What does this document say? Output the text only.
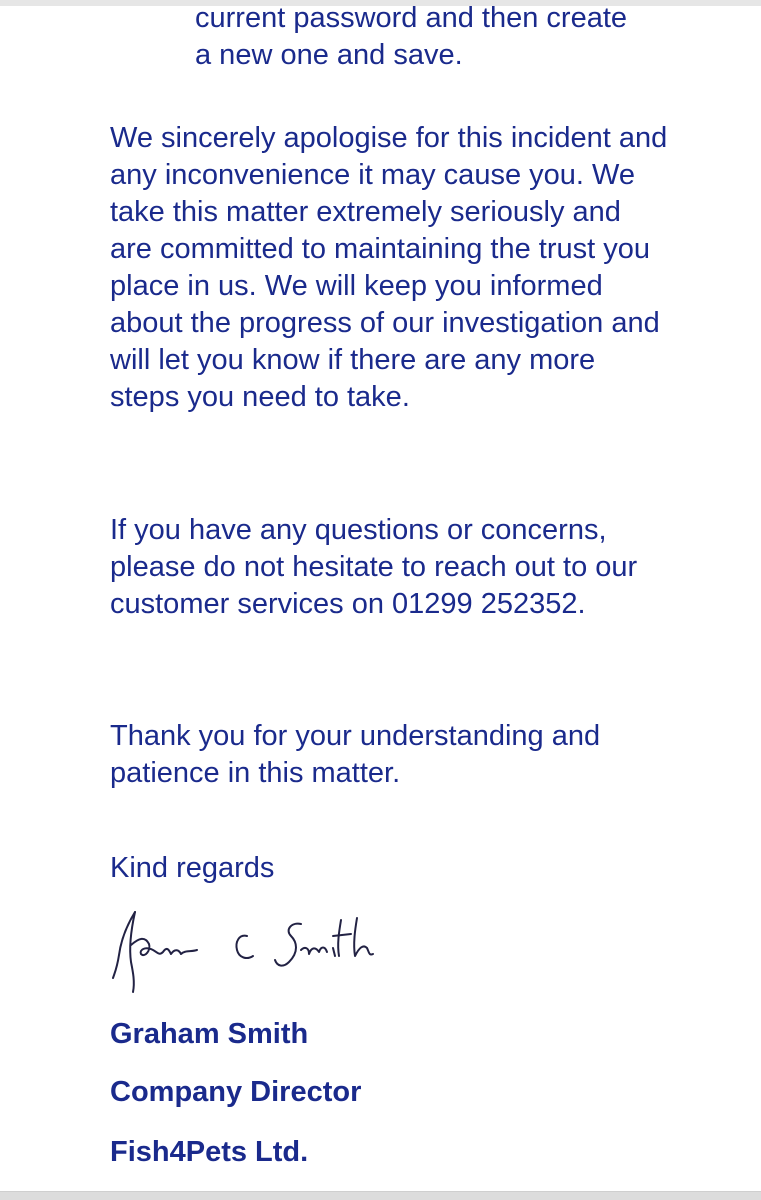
current password and then create a new one and save.

We sincerely apologise for this incident and any inconvenience it may cause you. We take this matter extremely seriously and are committed to maintaining the trust you place in us. We will keep you informed about the progress of our investigation and will let you know if there are any more steps you need to take.

If you have any questions or concerns, please do not hesitate to reach out to our customer services on 01299 252352.

Thank you for your understanding and patience in this matter.

Kind regards

Graham Smith

Company Director

Fish4Pets Ltd.
